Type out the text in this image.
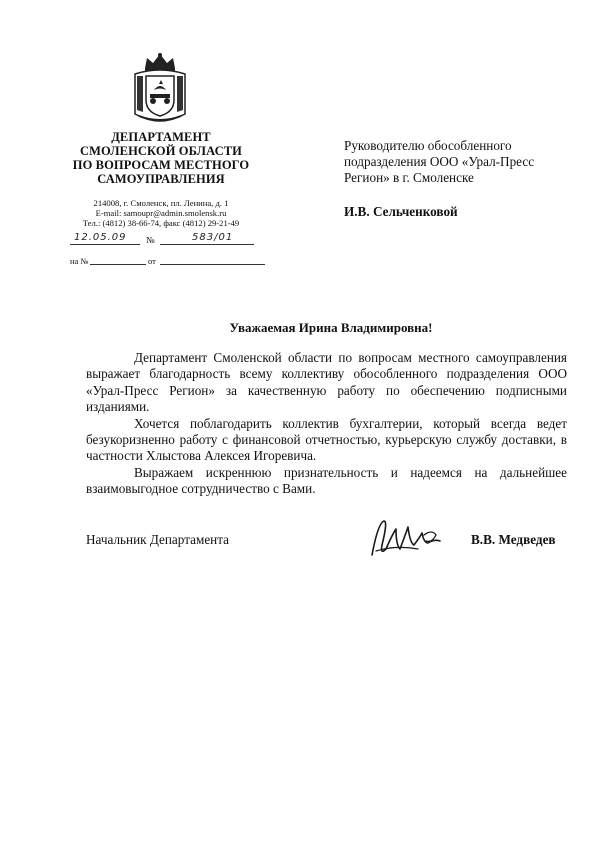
ДЕПАРТАМЕНТ
СМОЛЕНСКОЙ ОБЛАСТИ
ПО ВОПРОСАМ МЕСТНОГО
САМОУПРАВЛЕНИЯ
214008, г. Смоленск, пл. Ленина, д. 1
E-mail: samoupr@admin.smolensk.ru
Тел.: (4812) 38-66-74, факс (4812) 29-21-49
12.05.09 №	583/01
на №	от
Руководителю обособленного
подразделения ООО «Урал-Пресс
Регион» в г. Смоленске
И.В. Сельченковой
Уважаемая Ирина Владимировна!

Департамент Смоленской области по вопросам местного самоуправления выражает благодарность всему коллективу обособленного подразделения ООО «Урал-Пресс Регион» за качественную работу по обеспечению подписными изданиями.

Хочется поблагодарить коллектив бухгалтерии, который всегда ведет безукоризненно работу с финансовой отчетностью, курьерскую службу доставки, в частности Хлыстова Алексея Игоревича.

Выражаем искреннюю признательность и надеемся на дальнейшее взаимовыгодное сотрудничество с Вами.

Начальник Департамента	В.В. Медведев
